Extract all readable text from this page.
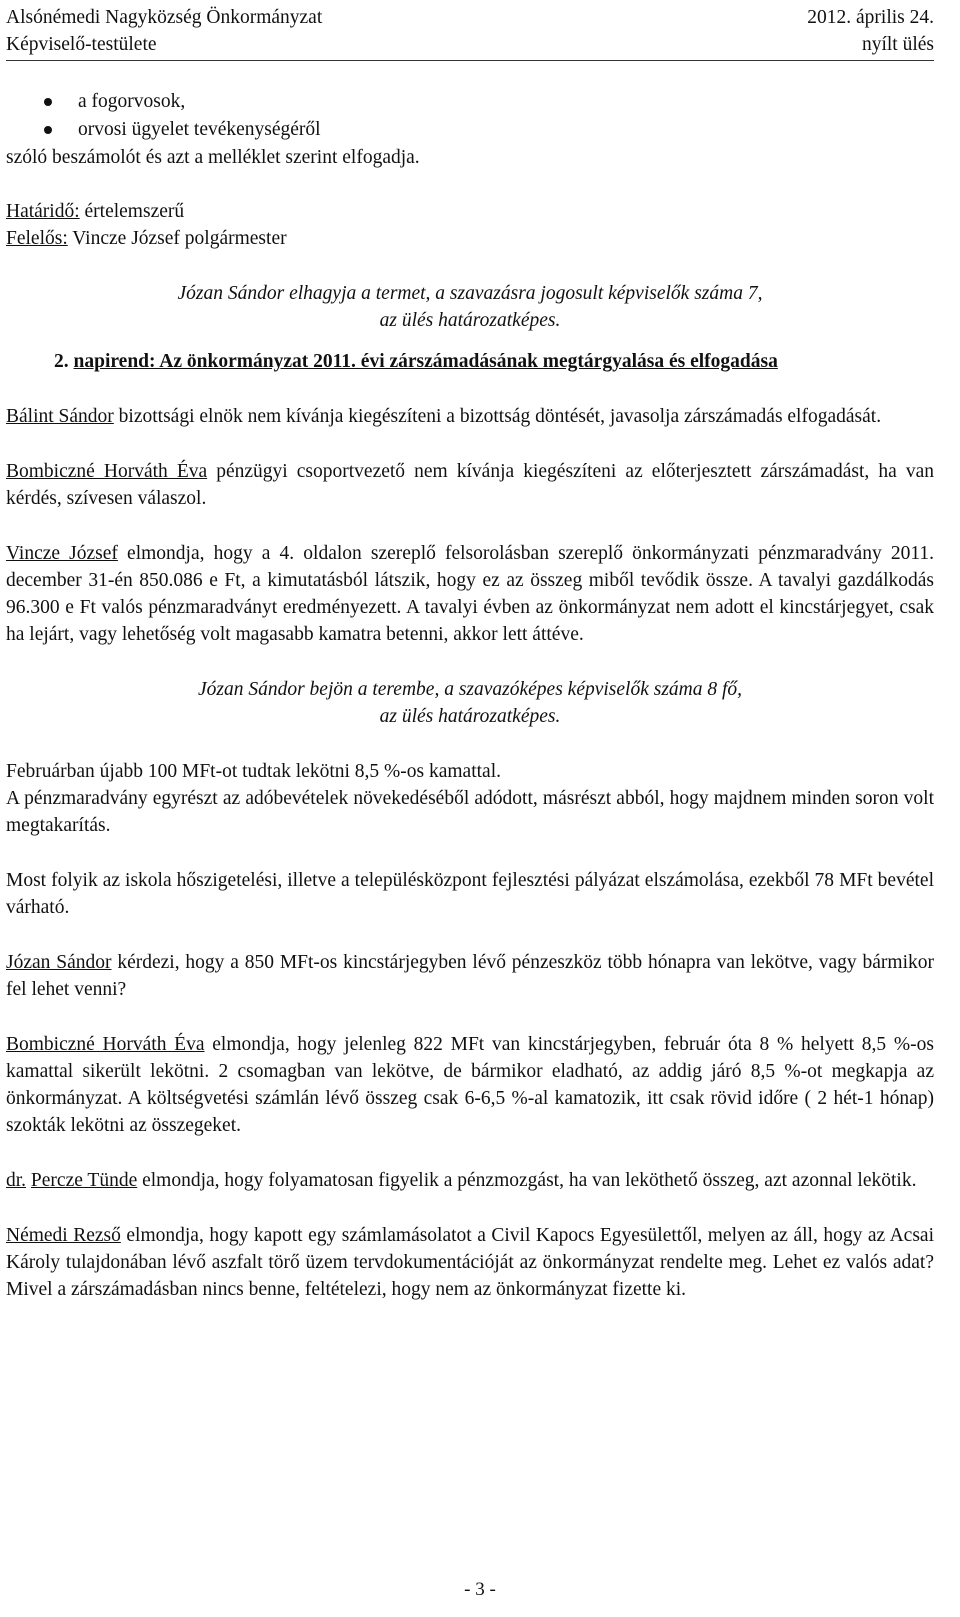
Alsónémedi Nagyközség Önkormányzat	2012. április 24.
Képviselő-testülete	nyílt ülés
a fogorvosok,
orvosi ügyelet tevékenységéről

szóló beszámolót és azt a melléklet szerint elfogadja.

Határidő: értelemszerű

Felelős: Vincze József polgármester

Józan Sándor elhagyja a termet, a szavazásra jogosult képviselők száma 7,

az ülés határozatképes.

2. napirend: Az önkormányzat 2011. évi zárszámadásának megtárgyalása és elfogadása

Bálint Sándor bizottsági elnök nem kívánja kiegészíteni a bizottság döntését, javasolja zárszámadás elfogadását.

Bombiczné Horváth Éva pénzügyi csoportvezető nem kívánja kiegészíteni az előterjesztett zárszámadást, ha van kérdés, szívesen válaszol.

Vincze József elmondja, hogy a 4. oldalon szereplő felsorolásban szereplő önkormányzati pénzmaradvány 2011. december 31-én 850.086 e Ft, a kimutatásból látszik, hogy ez az összeg miből tevődik össze. A tavalyi gazdálkodás 96.300 e Ft valós pénzmaradványt eredményezett. A tavalyi évben az önkormányzat nem adott el kincstárjegyet, csak ha lejárt, vagy lehetőség volt magasabb kamatra betenni, akkor lett áttéve.

Józan Sándor bejön a terembe, a szavazóképes képviselők száma 8 fő,

az ülés határozatképes.

Februárban újabb 100 MFt-ot tudtak lekötni 8,5 %-os kamattal.

A pénzmaradvány egyrészt az adóbevételek növekedéséből adódott, másrészt abból, hogy majdnem minden soron volt megtakarítás.

Most folyik az iskola hőszigetelési, illetve a településközpont fejlesztési pályázat elszámolása, ezekből 78 MFt bevétel várható.

Józan Sándor kérdezi, hogy a 850 MFt-os kincstárjegyben lévő pénzeszköz több hónapra van lekötve, vagy bármikor fel lehet venni?

Bombiczné Horváth Éva elmondja, hogy jelenleg 822 MFt van kincstárjegyben, február óta 8 % helyett 8,5 %-os kamattal sikerült lekötni. 2 csomagban van lekötve, de bármikor eladható, az addig járó 8,5 %-ot megkapja az önkormányzat. A költségvetési számlán lévő összeg csak 6-6,5 %-al kamatozik, itt csak rövid időre ( 2 hét-1 hónap) szokták lekötni az összegeket.

dr. Percze Tünde elmondja, hogy folyamatosan figyelik a pénzmozgást, ha van leköthető összeg, azt azonnal lekötik.

Némedi Rezső elmondja, hogy kapott egy számlamásolatot a Civil Kapocs Egyesülettől, melyen az áll, hogy az Acsai Károly tulajdonában lévő aszfalt törő üzem tervdokumentációját az önkormányzat rendelte meg. Lehet ez valós adat? Mivel a zárszámadásban nincs benne, feltételezi, hogy nem az önkormányzat fizette ki.

- 3 -
